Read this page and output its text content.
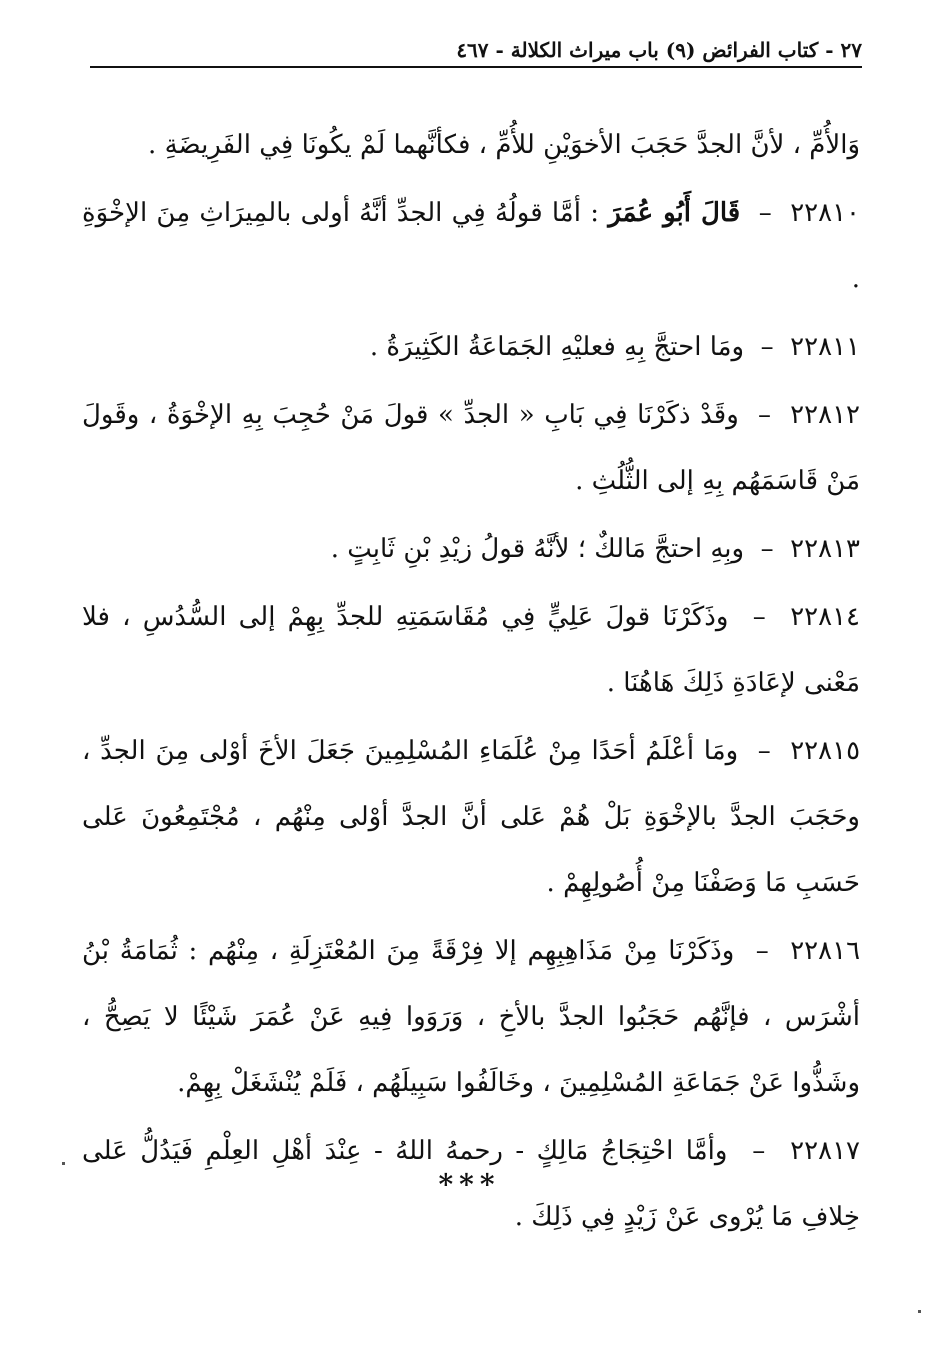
٢٧ - كتاب الفرائض (٩) باب ميراث الكلالة - ٤٦٧

وَالأُمِّ ، لأنَّ الجدَّ حَجَبَ الأخوَيْنِ للأُمِّ ، فكأنَّهما لَمْ يكُونَا فِي الفَرِيضَةِ .

٢٢٨١٠  –  قَالَ أَبُو عُمَرَ : أمَّا قولُهُ فِي الجدِّ أنَّهُ أولى بالمِيرَاثِ مِنَ الإخْوَةِ .

٢٢٨١١  –  ومَا احتجَّ بِهِ فعليْهِ الجَمَاعَةُ الكَثِيرَةُ .

٢٢٨١٢  –  وقَدْ ذكَرْنَا فِي بَابِ « الجدِّ » قولَ مَنْ حُجِبَ بِهِ الإخْوَةُ ، وقَولَ مَنْ قَاسَمَهُم بِهِ إلى الثُّلُثِ .

٢٢٨١٣  –  وبِهِ احتجَّ مَالكٌ ؛ لأنَّهُ قولُ زيْدِ بْنِ ثَابِتٍ .

٢٢٨١٤  –  وذَكَرْنَا قولَ عَلِيٍّ فِي مُقَاسَمَتِهِ للجدِّ بِهِمْ إلى السُّدُسِ ، فلا مَعْنى لإعَادَةِ ذَلِكَ هَاهُنَا .

٢٢٨١٥  –  ومَا أعْلَمُ أحَدًا مِنْ عُلَمَاءِ المُسْلِمِينَ جَعَلَ الأخَ أوْلى مِنَ الجدِّ ، وحَجَبَ الجدَّ بالإخْوَةِ بَلْ هُمْ عَلى أنَّ الجدَّ أوْلى مِنْهُم ، مُجْتَمِعُونَ عَلى حَسَبِ مَا وَصَفْنَا مِنْ أُصُولِهِمْ .

٢٢٨١٦  –  وذَكَرْنَا مِنْ مَذَاهِبِهِم إلا فِرْقَةً مِنَ المُعْتَزِلَةِ ، مِنْهُم : ثُمَامَةُ بْنُ أشْرَس ، فإنَّهُم حَجَبُوا الجدَّ بالأخِ ، وَرَوَوا فِيهِ عَنْ عُمَرَ شَيْئًا لا يَصِحُّ ، وشَذُّوا عَنْ جَمَاعَةِ المُسْلِمِينَ ، وخَالَفُوا سَبِيلَهُم ، فَلَمْ يُنْشَغَلْ بِهِمْ.

٢٢٨١٧  –  وأمَّا احْتِجَاجُ مَالِكٍ - رحمهُ اللهُ - عِنْدَ أهْلِ العِلْمِ فَيَدُلُّ عَلى خِلافِ مَا يُرْوى عَنْ زَيْدٍ فِي ذَلِكَ .

***
